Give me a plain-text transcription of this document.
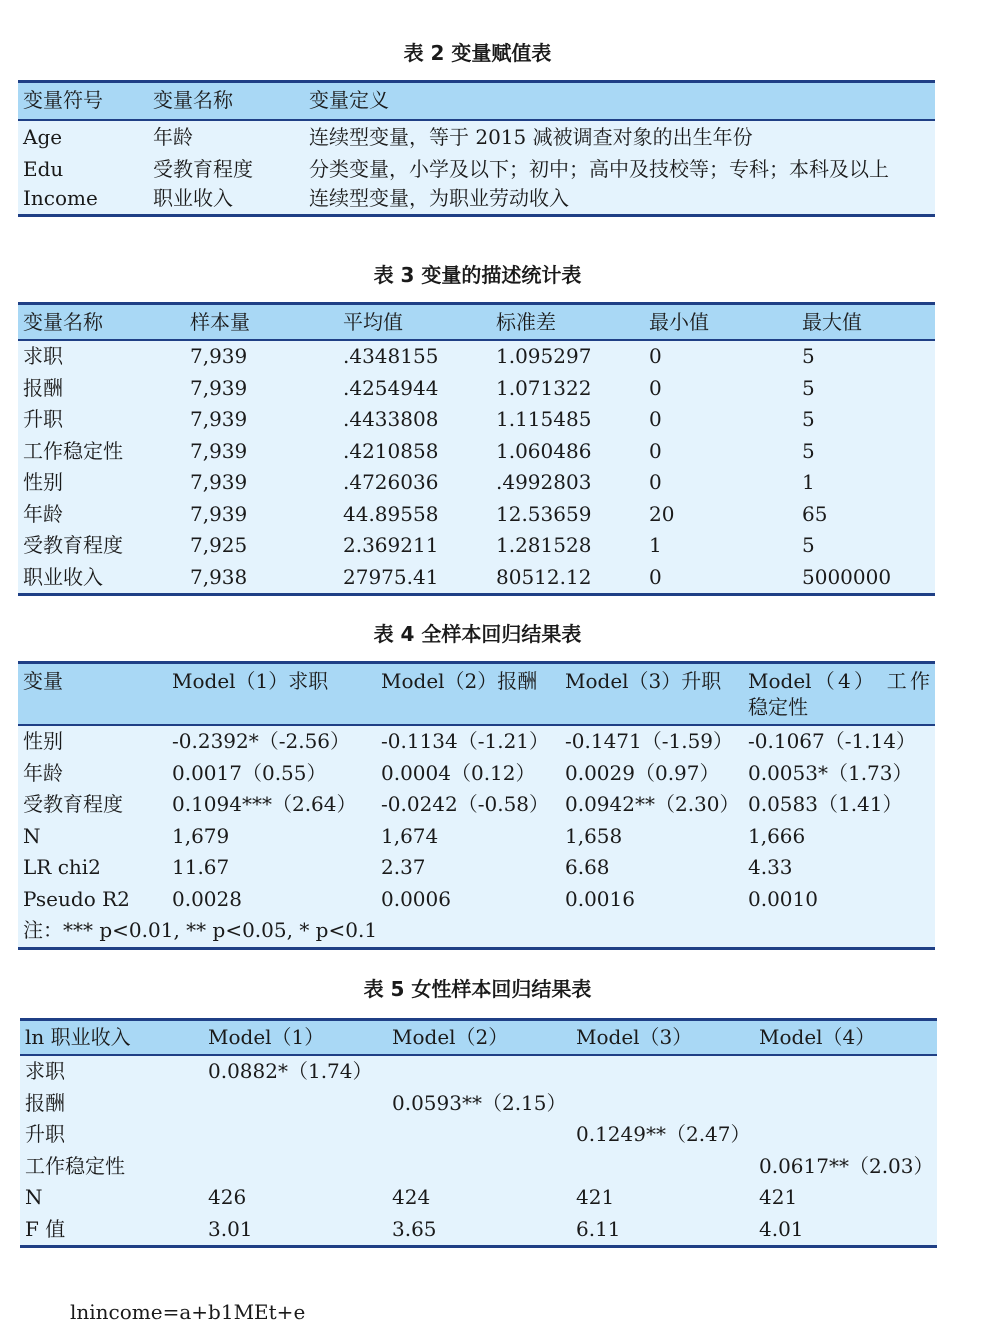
表 2 变量赋值表
变量符号	变量名称	变量定义
Age	年龄	连续型变量，等于 2015 减被调查对象的出生年份
Edu	受教育程度	分类变量，小学及以下；初中；高中及技校等；专科；本科及以上
Income	职业收入	连续型变量，为职业劳动收入
表 3 变量的描述统计表
变量名称	样本量	平均值	标准差	最小值	最大值
求职	7,939	.4348155	1.095297	0	5
报酬	7,939	.4254944	1.071322	0	5
升职	7,939	.4433808	1.115485	0	5
工作稳定性	7,939	.4210858	1.060486	0	5
性别	7,939	.4726036	.4992803	0	1
年龄	7,939	44.89558	12.53659	20	65
受教育程度	7,925	2.369211	1.281528	1	5
职业收入	7,938	27975.41	80512.12	0	5000000
表 4 全样本回归结果表
变量	Model（1）求职	Model（2）报酬	Model（3）升职	Model（4） 工作稳定性
性别	-0.2392*（-2.56）	-0.1134（-1.21）	-0.1471（-1.59）	-0.1067（-1.14）
年龄	0.0017（0.55）	0.0004（0.12）	0.0029（0.97）	0.0053*（1.73）
受教育程度	0.1094***（2.64）	-0.0242（-0.58）	0.0942**（2.30）	0.0583（1.41）
N	1,679	1,674	1,658	1,666
LR chi2	11.67	2.37	6.68	4.33
Pseudo R2	0.0028	0.0006	0.0016	0.0010
注：*** p<0.01, ** p<0.05, * p<0.1				
表 5 女性样本回归结果表
ln 职业收入	Model（1）	Model（2）	Model（3）	Model（4）
求职	0.0882*（1.74）			
报酬		0.0593**（2.15）		
升职			0.1249**（2.47）	
工作稳定性				0.0617**（2.03）
N	426	424	421	421
F 值	3.01	3.65	6.11	4.01
lnincome=a+b1MEt+e
